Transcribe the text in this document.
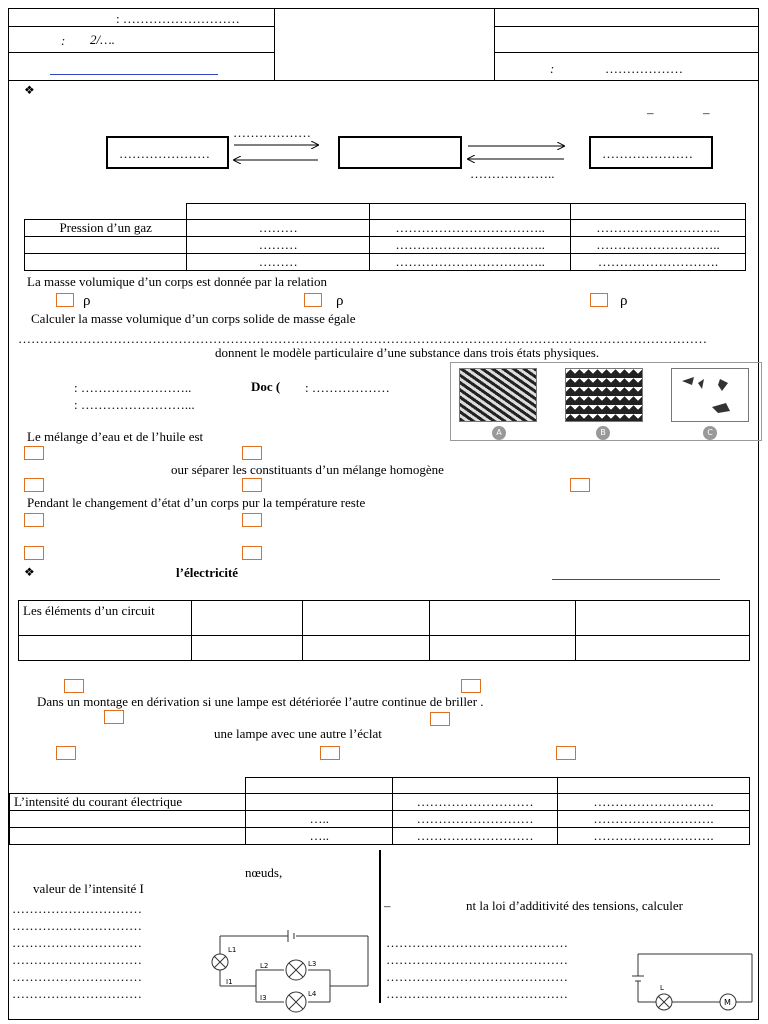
: ………………………
: 2/….
:	………………
❖
–	–
…………………	…………………
………………
………………..

Pression d’un gaz	………	……………………………..	………………………..
	………	……………………………..	………………………..
	………	……………………………..	……………………….
La masse volumique d’un corps est donnée par la relation
ρ	ρ	ρ
Calculer la masse volumique d’un corps solide de masse égale
……………………………………………………………………………………………………………………………………………
donnent le modèle particulaire d’une substance dans trois états physiques.
: ……………………..	Doc ( : ………………
: ……………………...
A	B	C
Le mélange d’eau et de l’huile est
our séparer les constituants d’un mélange homogène
Pendant le changement d’état d’un corps pur la température reste
❖	l’électricité
Les éléments d’un circuit				

Dans un montage en dérivation si une lampe est détériorée l’autre continue de briller .
une lampe avec une autre l’éclat

L’intensité du courant électrique		………………………	……………………….
	…..	………………………	……………………….
	…..	………………………	……………………….
nœuds,
valeur de l’intensité I
…………………………
…………………………
…………………………
…………………………
…………………………
…………………………
–	nt la loi d’additivité des tensions, calculer
……………………………………
……………………………………
……………………………………
……………………………………
L1
L2	L3
L4
I1
I3
L
M
